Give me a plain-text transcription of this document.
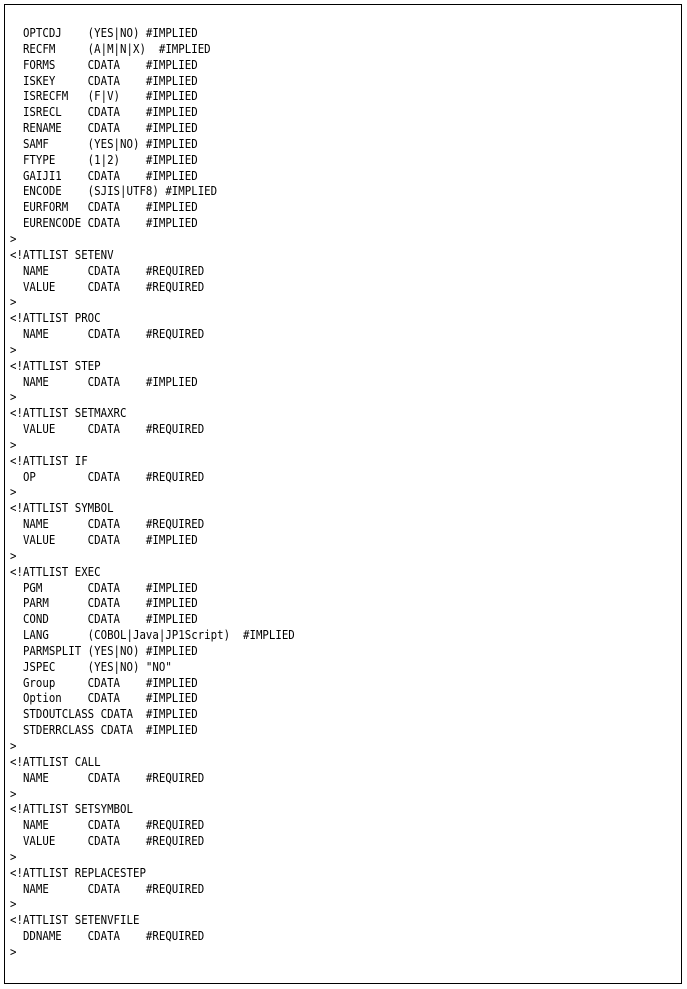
OPTCDJ    (YES|NO) #IMPLIED
RECFM     (A|M|N|X)  #IMPLIED
FORMS     CDATA    #IMPLIED
ISKEY     CDATA    #IMPLIED
ISRECFM   (F|V)    #IMPLIED
ISRECL    CDATA    #IMPLIED
RENAME    CDATA    #IMPLIED
SAMF      (YES|NO) #IMPLIED
FTYPE     (1|2)    #IMPLIED
GAIJI1    CDATA    #IMPLIED
ENCODE    (SJIS|UTF8) #IMPLIED
EURFORM   CDATA    #IMPLIED
EURENCODE CDATA    #IMPLIED
>
<!ATTLIST SETENV
NAME      CDATA    #REQUIRED
VALUE     CDATA    #REQUIRED
>
<!ATTLIST PROC
NAME      CDATA    #REQUIRED
>
<!ATTLIST STEP
NAME      CDATA    #IMPLIED
>
<!ATTLIST SETMAXRC
VALUE     CDATA    #REQUIRED
>
<!ATTLIST IF
OP        CDATA    #REQUIRED
>
<!ATTLIST SYMBOL
NAME      CDATA    #REQUIRED
VALUE     CDATA    #IMPLIED
>
<!ATTLIST EXEC
PGM       CDATA    #IMPLIED
PARM      CDATA    #IMPLIED
COND      CDATA    #IMPLIED
LANG      (COBOL|Java|JP1Script)  #IMPLIED
PARMSPLIT (YES|NO) #IMPLIED
JSPEC     (YES|NO) "NO"
Group     CDATA    #IMPLIED
Option    CDATA    #IMPLIED
STDOUTCLASS CDATA  #IMPLIED
STDERRCLASS CDATA  #IMPLIED
>
<!ATTLIST CALL
NAME      CDATA    #REQUIRED
>
<!ATTLIST SETSYMBOL
NAME      CDATA    #REQUIRED
VALUE     CDATA    #REQUIRED
>
<!ATTLIST REPLACESTEP
NAME      CDATA    #REQUIRED
>
<!ATTLIST SETENVFILE
DDNAME    CDATA    #REQUIRED
>
